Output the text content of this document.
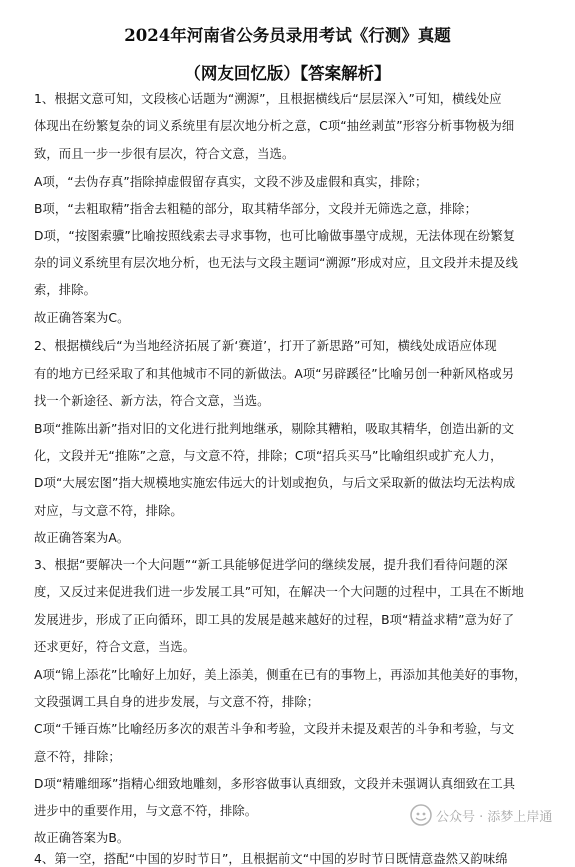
2024年河南省公务员录用考试《行测》真题
（网友回忆版）【答案解析】
1、根据文意可知，文段核心话题为“溯源”，且根据横线后“层层深入”可知，横线处应
体现出在纷繁复杂的词义系统里有层次地分析之意，C项“抽丝剥茧”形容分析事物极为细
致，而且一步一步很有层次，符合文意，当选。
A项，“去伪存真”指除掉虚假留存真实，文段不涉及虚假和真实，排除；
B项，“去粗取精”指舍去粗糙的部分，取其精华部分，文段并无筛选之意，排除；
D项，“按图索骥”比喻按照线索去寻求事物，也可比喻做事墨守成规，无法体现在纷繁复
杂的词义系统里有层次地分析，也无法与文段主题词“溯源”形成对应，且文段并未提及线
索，排除。
故正确答案为C。
2、根据横线后“为当地经济拓展了新‘赛道’，打开了新思路”可知，横线处成语应体现
有的地方已经采取了和其他城市不同的新做法。A项“另辟蹊径”比喻另创一种新风格或另
找一个新途径、新方法，符合文意，当选。
B项“推陈出新”指对旧的文化进行批判地继承，剔除其糟粕，吸取其精华，创造出新的文
化，文段并无“推陈”之意，与文意不符，排除；C项“招兵买马”比喻组织或扩充人力，
D项“大展宏图”指大规模地实施宏伟远大的计划或抱负，与后文采取新的做法均无法构成
对应，与文意不符，排除。
故正确答案为A。
3、根据“要解决一个大问题”“新工具能够促进学问的继续发展，提升我们看待问题的深
度，又反过来促进我们进一步发展工具”可知，在解决一个大问题的过程中，工具在不断地
发展进步，形成了正向循环，即工具的发展是越来越好的过程，B项“精益求精”意为好了
还求更好，符合文意，当选。
A项“锦上添花”比喻好上加好，美上添美，侧重在已有的事物上，再添加其他美好的事物，
文段强调工具自身的进步发展，与文意不符，排除；
C项“千锤百炼”比喻经历多次的艰苦斗争和考验，文段并未提及艰苦的斗争和考验，与文
意不符，排除；
D项“精雕细琢”指精心细致地雕刻，多形容做事认真细致，文段并未强调认真细致在工具
进步中的重要作用，与文意不符，排除。
故正确答案为B。
4、第一空，搭配“中国的岁时节日”，且根据前文“中国的岁时节日既情意盎然又韵味绵
公众号 · 添梦上岸通
